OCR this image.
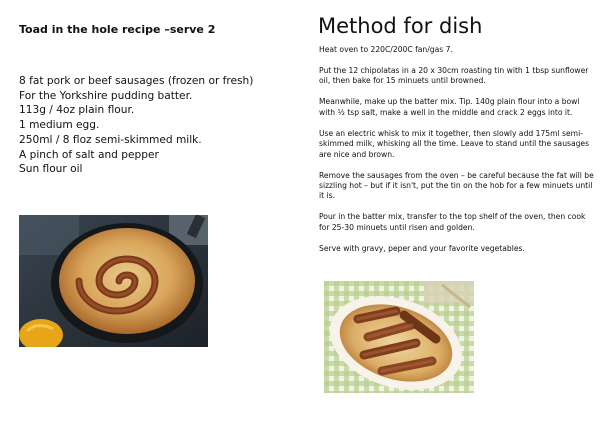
Toad in the hole recipe –serve 2
8 fat pork or beef sausages (frozen or fresh)
For the Yorkshire pudding batter.
113g / 4oz plain flour.
1 medium egg.
250ml / 8 floz semi-skimmed milk.
A pinch of salt and pepper
Sun flour oil
Method for dish

Heat oven to 220C/200C fan/gas 7.

Put the 12 chipolatas in a 20 x 30cm roasting tin with 1 tbsp sunflower oil, then bake for 15 minuets until browned.

Meanwhile, make up the batter mix. Tip. 140g plain flour into a bowl with ½ tsp salt, make a well in the middle and crack 2 eggs into it.

Use an electric whisk to mix it together, then slowly add 175ml semi-skimmed milk, whisking all the time. Leave to stand until the sausages are nice and brown.

Remove the sausages from the oven – be careful because the fat will be sizzling hot – but if it isn't, put the tin on the hob for a few minuets until it is.

Pour in the batter mix, transfer to the top shelf of the oven, then cook for 25-30 minuets until risen and golden.

Serve with gravy, peper and your favorite vegetables.
